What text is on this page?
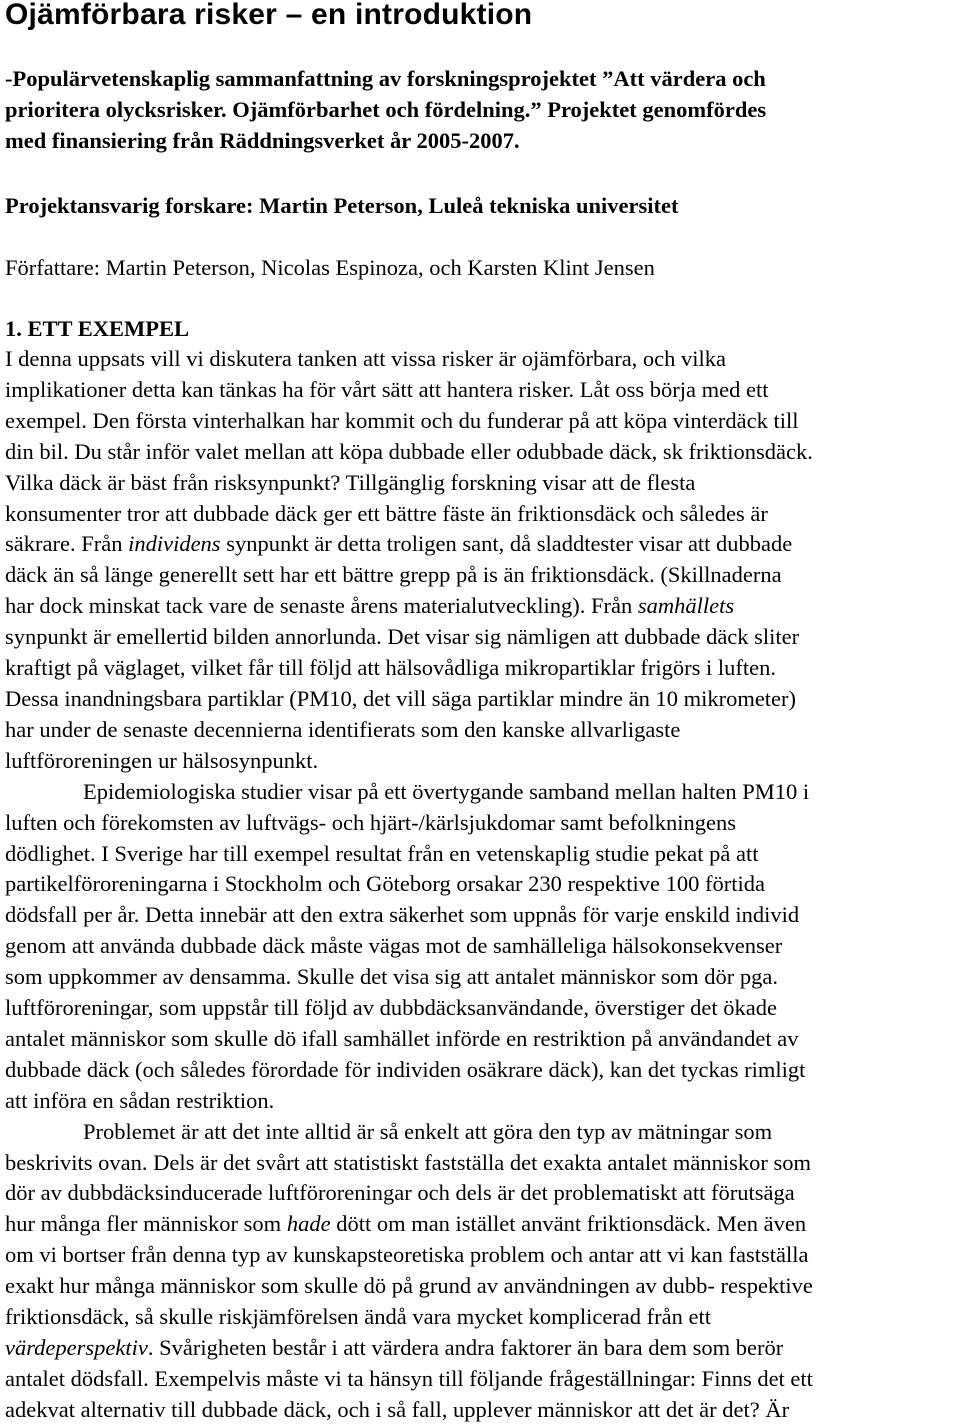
Ojämförbara risker – en introduktion

-Populärvetenskaplig sammanfattning av forskningsprojektet ”Att värdera och
prioritera olycksrisker. Ojämförbarhet och fördelning.” Projektet genomfördes
med finansiering från Räddningsverket år 2005-2007.

Projektansvarig forskare: Martin Peterson, Luleå tekniska universitet

Författare: Martin Peterson, Nicolas Espinoza, och Karsten Klint Jensen

1. ETT EXEMPEL

I denna uppsats vill vi diskutera tanken att vissa risker är ojämförbara, och vilka
implikationer detta kan tänkas ha för vårt sätt att hantera risker. Låt oss börja med ett
exempel. Den första vinterhalkan har kommit och du funderar på att köpa vinterdäck till
din bil. Du står inför valet mellan att köpa dubbade eller odubbade däck, sk friktionsdäck.
Vilka däck är bäst från risksynpunkt? Tillgänglig forskning visar att de flesta
konsumenter tror att dubbade däck ger ett bättre fäste än friktionsdäck och således är
säkrare. Från individens synpunkt är detta troligen sant, då sladdtester visar att dubbade
däck än så länge generellt sett har ett bättre grepp på is än friktionsdäck. (Skillnaderna
har dock minskat tack vare de senaste årens materialutveckling). Från samhällets
synpunkt är emellertid bilden annorlunda. Det visar sig nämligen att dubbade däck sliter
kraftigt på väglaget, vilket får till följd att hälsovådliga mikropartiklar frigörs i luften.
Dessa inandningsbara partiklar (PM10, det vill säga partiklar mindre än 10 mikrometer)
har under de senaste decennierna identifierats som den kanske allvarligaste
luftföroreningen ur hälsosynpunkt.

Epidemiologiska studier visar på ett övertygande samband mellan halten PM10 i
luften och förekomsten av luftvägs- och hjärt-/kärlsjukdomar samt befolkningens
dödlighet. I Sverige har till exempel resultat från en vetenskaplig studie pekat på att
partikelföroreningarna i Stockholm och Göteborg orsakar 230 respektive 100 förtida
dödsfall per år. Detta innebär att den extra säkerhet som uppnås för varje enskild individ
genom att använda dubbade däck måste vägas mot de samhälleliga hälsokonsekvenser
som uppkommer av densamma. Skulle det visa sig att antalet människor som dör pga.
luftföroreningar, som uppstår till följd av dubbdäcksanvändande, överstiger det ökade
antalet människor som skulle dö ifall samhället införde en restriktion på användandet av
dubbade däck (och således förordade för individen osäkrare däck), kan det tyckas rimligt
att införa en sådan restriktion.

Problemet är att det inte alltid är så enkelt att göra den typ av mätningar som
beskrivits ovan. Dels är det svårt att statistiskt fastställa det exakta antalet människor som
dör av dubbdäcksinducerade luftföroreningar och dels är det problematiskt att förutsäga
hur många fler människor som hade dött om man istället använt friktionsdäck. Men även
om vi bortser från denna typ av kunskapsteoretiska problem och antar att vi kan fastställa
exakt hur många människor som skulle dö på grund av användningen av dubb- respektive
friktionsdäck, så skulle riskjämförelsen ändå vara mycket komplicerad från ett
värdeperspektiv. Svårigheten består i att värdera andra faktorer än bara dem som berör
antalet dödsfall. Exempelvis måste vi ta hänsyn till följande frågeställningar: Finns det ett
adekvat alternativ till dubbade däck, och i så fall, upplever människor att det är det? Är
